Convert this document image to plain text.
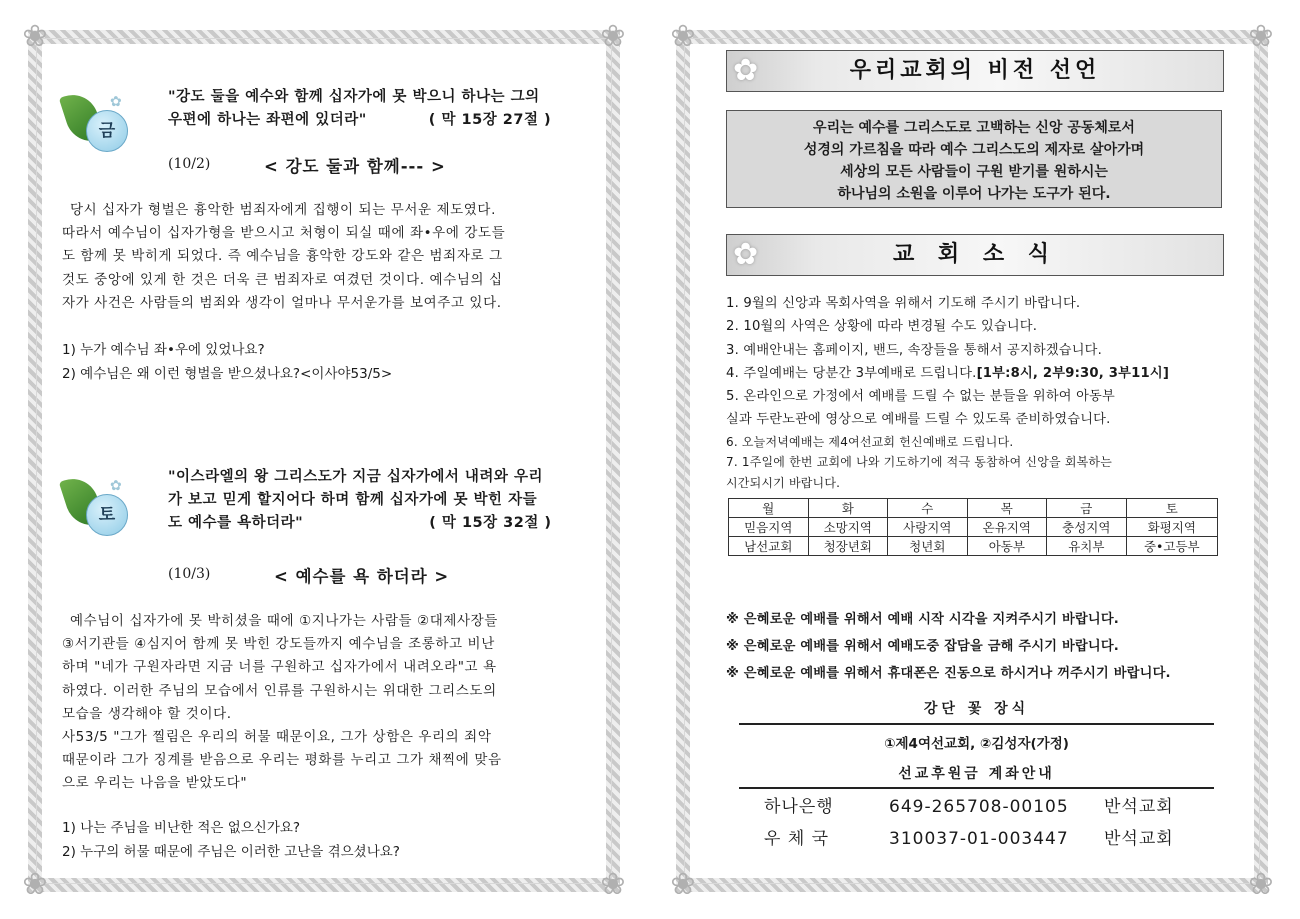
❀	❀
❀	❀
✿
금
"강도 둘을 예수와 함께 십자가에 못 박으니 하나는 그의
우편에 하나는 좌편에 있더라"	( 막 15장 27절 )
(10/2)	< 강도 둘과 함께--- >
당시 십자가 형벌은 흉악한 범죄자에게 집행이 되는 무서운 제도였다.
따라서 예수님이 십자가형을 받으시고 처형이 되실 때에 좌•우에 강도들
도 함께 못 박히게 되었다. 즉 예수님을 흉악한 강도와 같은 범죄자로 그
것도 중앙에 있게 한 것은 더욱 큰 범죄자로 여겼던 것이다. 예수님의 십
자가 사건은 사람들의 범죄와 생각이 얼마나 무서운가를 보여주고 있다.
1) 누가 예수님 좌•우에 있었나요?
2) 예수님은 왜 이런 형벌을 받으셨나요?<이사야53/5>
✿
토
"이스라엘의 왕 그리스도가 지금 십자가에서 내려와 우리
가 보고 믿게 할지어다 하며 함께 십자가에 못 박힌 자들
도 예수를 욕하더라"	( 막 15장 32절 )
(10/3)	< 예수를 욕 하더라 >
예수님이 십자가에 못 박히셨을 때에 ①지나가는 사람들 ②대제사장들
③서기관들 ④심지어 함께 못 박힌 강도들까지 예수님을 조롱하고 비난
하며 "네가 구원자라면 지금 너를 구원하고 십자가에서 내려오라"고 욕
하였다. 이러한 주님의 모습에서 인류를 구원하시는 위대한 그리스도의
모습을 생각해야 할 것이다.
사53/5 "그가 찔림은 우리의 허물 때문이요, 그가 상함은 우리의 죄악
때문이라 그가 징계를 받음으로 우리는 평화를 누리고 그가 채찍에 맞음
으로 우리는 나음을 받았도다"
1) 나는 주님을 비난한 적은 없으신가요?
2) 누구의 허물 때문에 주님은 이러한 고난을 겪으셨나요?
❀	❀
❀	❀
✿	우리교회의 비전 선언
우리는 예수를 그리스도로 고백하는 신앙 공동체로서
성경의 가르침을 따라 예수 그리스도의 제자로 살아가며
세상의 모든 사람들이 구원 받기를 원하시는
하나님의 소원을 이루어 나가는 도구가 된다.
✿	교 회 소 식
1. 9월의 신앙과 목회사역을 위해서 기도해 주시기 바랍니다.
2. 10월의 사역은 상황에 따라 변경될 수도 있습니다.
3. 예배안내는 홈페이지, 밴드, 속장들을 통해서 공지하겠습니다.
4. 주일예배는 당분간 3부예배로 드립니다.[1부:8시, 2부9:30, 3부11시]
5. 온라인으로 가정에서 예배를 드릴 수 없는 분들을 위하여 아동부
실과 두란노관에 영상으로 예배를 드릴 수 있도록 준비하였습니다.
6. 오늘저녁예배는 제4여선교회 헌신예배로 드립니다.
7. 1주일에 한번 교회에 나와 기도하기에 적극 동참하여 신앙을 회복하는
시간되시기 바랍니다.
월	화	수	목	금	토
믿음지역	소망지역	사랑지역	온유지역	충성지역	화평지역
남선교회	청장년회	청년회	아동부	유치부	중•고등부
※ 은혜로운 예배를 위해서 예배 시작 시각을 지켜주시기 바랍니다.
※ 은혜로운 예배를 위해서 예배도중 잡담을 금해 주시기 바랍니다.
※ 은혜로운 예배를 위해서 휴대폰은 진동으로 하시거나 꺼주시기 바랍니다.
강단 꽃 장식
①제4여선교회, ②김성자(가정)
선교후원금 계좌안내
하나은행	649-265708-00105 반석교회
우 체 국	310037-01-003447 반석교회
